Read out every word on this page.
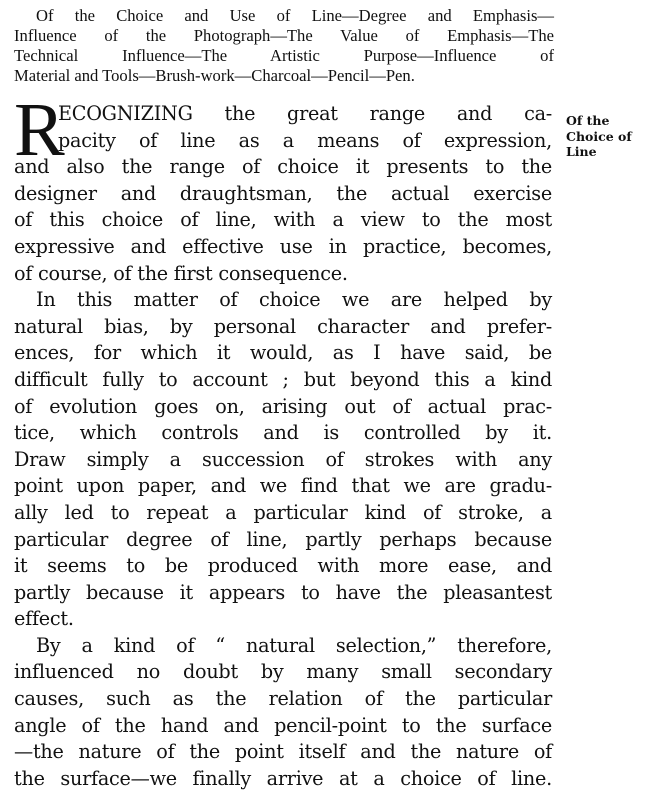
Of the Choice and Use of Line—Degree and Emphasis—
Influence of the Photograph—The Value of Emphasis—The
Technical Influence—The Artistic Purpose—Influence of
Material and Tools—Brush-work—Charcoal—Pencil—Pen.
Of the
Choice of
Line
R
ECOGNIZING the great range and ca-
pacity of line as a means of expression,
and also the range of choice it presents to the
designer and draughtsman, the actual exercise
of this choice of line, with a view to the most
expressive and effective use in practice, becomes,
of course, of the first consequence.
In this matter of choice we are helped by
natural bias, by personal character and prefer-
ences, for which it would, as I have said, be
difficult fully to account ; but beyond this a kind
of evolution goes on, arising out of actual prac-
tice, which controls and is controlled by it.
Draw simply a succession of strokes with any
point upon paper, and we find that we are gradu-
ally led to repeat a particular kind of stroke, a
particular degree of line, partly perhaps because
it seems to be produced with more ease, and
partly because it appears to have the pleasantest
effect.
By a kind of “ natural selection,” therefore,
influenced no doubt by many small secondary
causes, such as the relation of the particular
angle of the hand and pencil-point to the surface
—the nature of the point itself and the nature of
the surface—we finally arrive at a choice of line.
